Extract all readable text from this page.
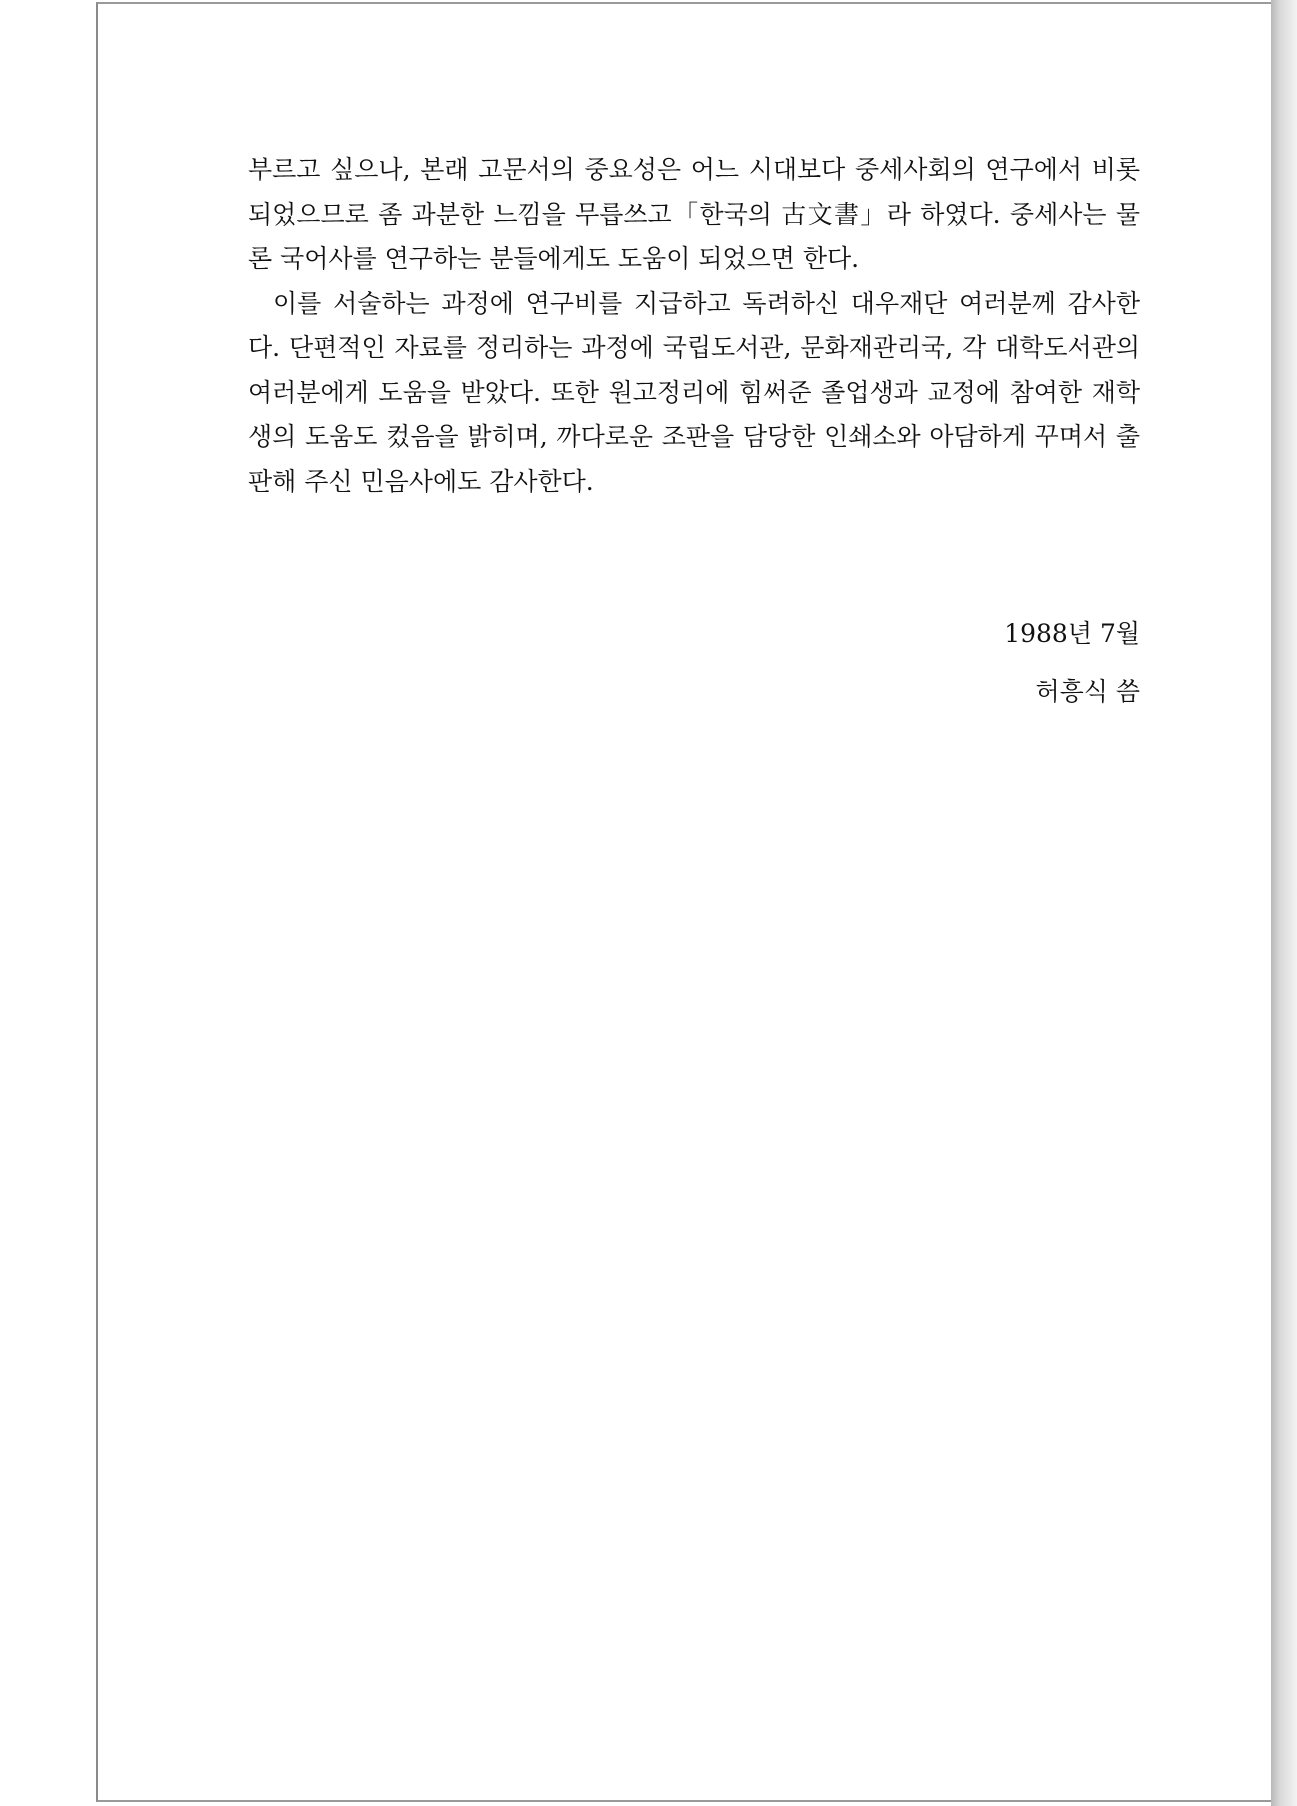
부르고 싶으나, 본래 고문서의 중요성은 어느 시대보다 중세사회의 연구에서 비롯되었으므로 좀 과분한 느낌을 무릅쓰고「한국의 古文書」라 하였다. 중세사는 물론 국어사를 연구하는 분들에게도 도움이 되었으면 한다.

이를 서술하는 과정에 연구비를 지급하고 독려하신 대우재단 여러분께 감사한다. 단편적인 자료를 정리하는 과정에 국립도서관, 문화재관리국, 각 대학도서관의 여러분에게 도움을 받았다. 또한 원고정리에 힘써준 졸업생과 교정에 참여한 재학생의 도움도 컸음을 밝히며, 까다로운 조판을 담당한 인쇄소와 아담하게 꾸며서 출판해 주신 민음사에도 감사한다.

1988년 7월
허흥식 씀
